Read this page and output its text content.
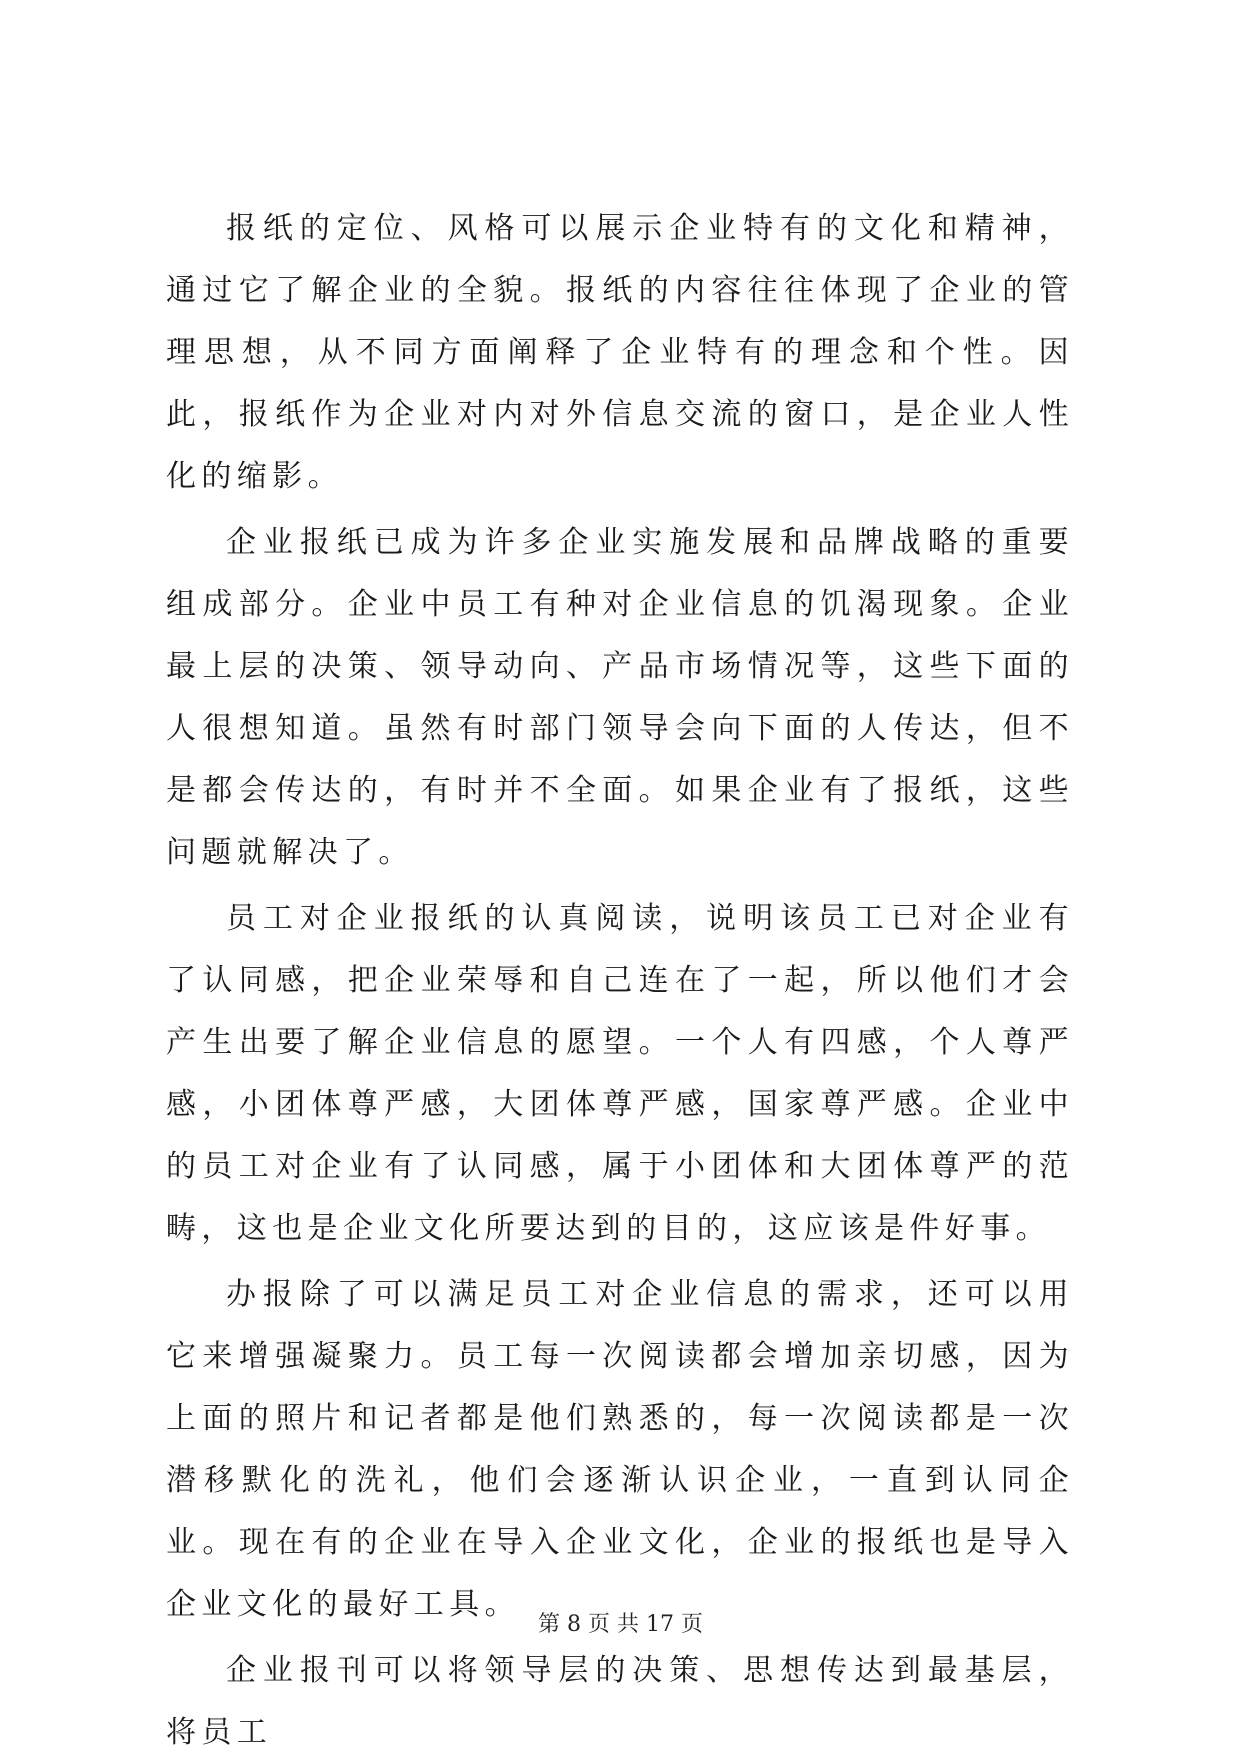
报纸的定位、风格可以展示企业特有的文化和精神，通过它了解企业的全貌。报纸的内容往往体现了企业的管理思想，从不同方面阐释了企业特有的理念和个性。因此，报纸作为企业对内对外信息交流的窗口，是企业人性化的缩影。

企业报纸已成为许多企业实施发展和品牌战略的重要组成部分。企业中员工有种对企业信息的饥渴现象。企业最上层的决策、领导动向、产品市场情况等，这些下面的人很想知道。虽然有时部门领导会向下面的人传达，但不是都会传达的，有时并不全面。如果企业有了报纸，这些问题就解决了。

员工对企业报纸的认真阅读，说明该员工已对企业有了认同感，把企业荣辱和自己连在了一起，所以他们才会产生出要了解企业信息的愿望。一个人有四感，个人尊严感，小团体尊严感，大团体尊严感，国家尊严感。企业中的员工对企业有了认同感，属于小团体和大团体尊严的范畴，这也是企业文化所要达到的目的，这应该是件好事。

办报除了可以满足员工对企业信息的需求，还可以用它来增强凝聚力。员工每一次阅读都会增加亲切感，因为上面的照片和记者都是他们熟悉的，每一次阅读都是一次潜移默化的洗礼，他们会逐渐认识企业，一直到认同企业。现在有的企业在导入企业文化，企业的报纸也是导入企业文化的最好工具。

企业报刊可以将领导层的决策、思想传达到最基层，将员工

第 8 页 共 17 页
